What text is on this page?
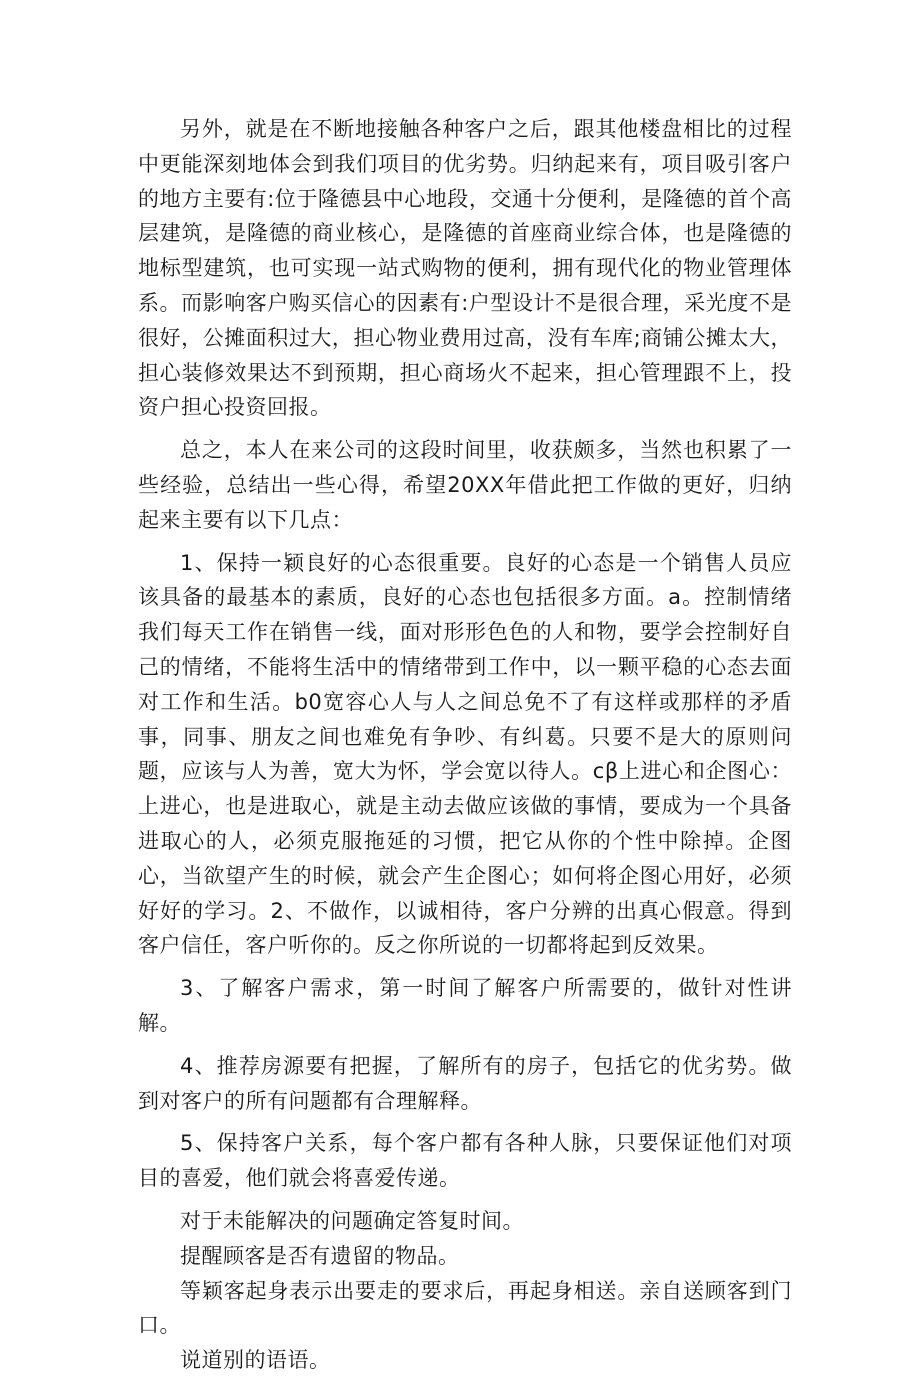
另外，就是在不断地接触各种客户之后，跟其他楼盘相比的过程中更能深刻地体会到我们项目的优劣势。归纳起来有，项目吸引客户的地方主要有:位于隆德县中心地段，交通十分便利，是隆德的首个高层建筑，是隆德的商业核心，是隆德的首座商业综合体，也是隆德的地标型建筑，也可实现一站式购物的便利，拥有现代化的物业管理体系。而影响客户购买信心的因素有:户型设计不是很合理，采光度不是很好，公摊面积过大，担心物业费用过高，没有车库;商铺公摊太大，担心装修效果达不到预期，担心商场火不起来，担心管理跟不上，投资户担心投资回报。

总之，本人在来公司的这段时间里，收获颇多，当然也积累了一些经验，总结出一些心得，希望20XX年借此把工作做的更好，归纳起来主要有以下几点：

1、保持一颖良好的心态很重要。良好的心态是一个销售人员应该具备的最基本的素质，良好的心态也包括很多方面。a。控制情绪我们每天工作在销售一线，面对形形色色的人和物，要学会控制好自己的情绪，不能将生活中的情绪带到工作中，以一颗平稳的心态去面对工作和生活。b0宽容心人与人之间总免不了有这样或那样的矛盾事，同事、朋友之间也难免有争吵、有纠葛。只要不是大的原则问题，应该与人为善，宽大为怀，学会宽以待人。cβ上进心和企图心：上进心，也是进取心，就是主动去做应该做的事情，要成为一个具备进取心的人，必须克服拖延的习惯，把它从你的个性中除掉。企图心，当欲望产生的时候，就会产生企图心；如何将企图心用好，必须好好的学习。2、不做作，以诚相待，客户分辨的出真心假意。得到客户信任，客户听你的。反之你所说的一切都将起到反效果。

3、了解客户需求，第一时间了解客户所需要的，做针对性讲解。

4、推荐房源要有把握，了解所有的房子，包括它的优劣势。做到对客户的所有问题都有合理解释。

5、保持客户关系，每个客户都有各种人脉，只要保证他们对项目的喜爱，他们就会将喜爱传递。

对于未能解决的问题确定答复时间。

提醒顾客是否有遗留的物品。

等颖客起身表示出要走的要求后，再起身相送。亲自送顾客到门口。

说道别的语语。
